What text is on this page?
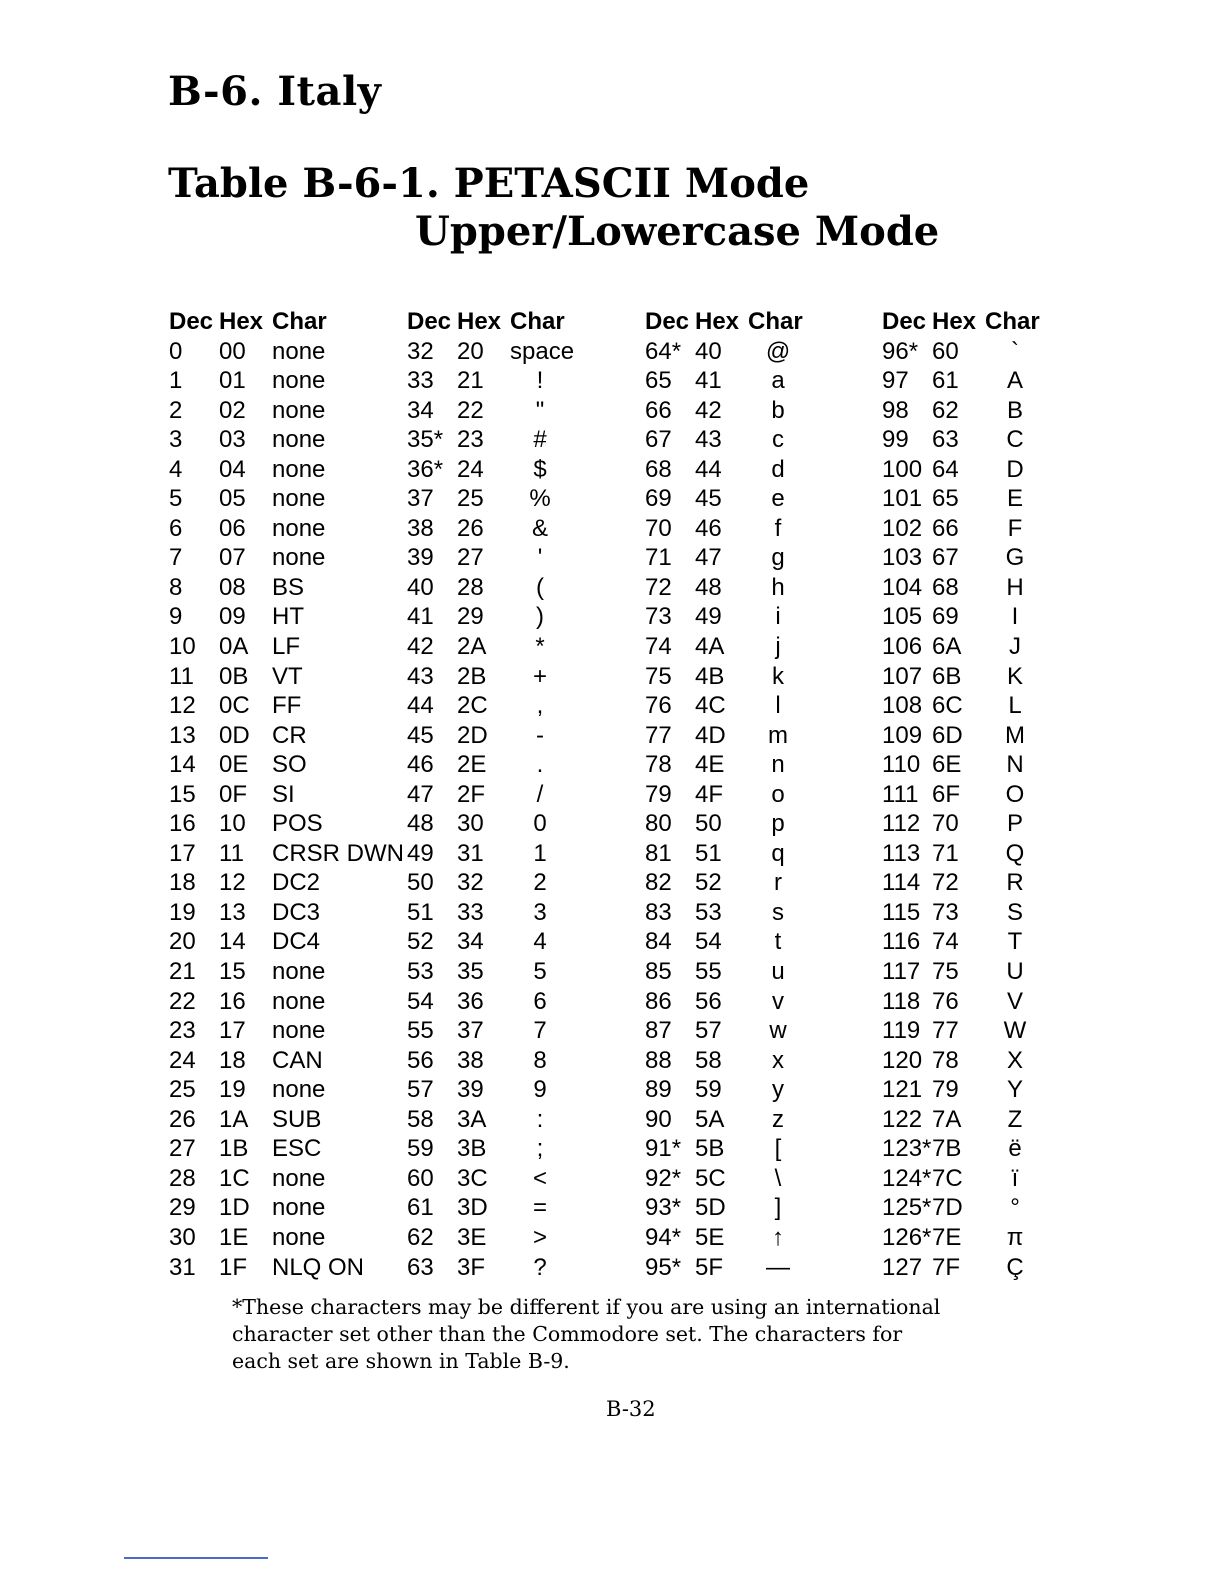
B-6. Italy
Table B-6-1. PETASCII Mode
Upper/Lowercase Mode
Dec Hex Char
0 00 none
1 01 none
2 02 none
3 03 none
4 04 none
5 05 none
6 06 none
7 07 none
8 08 BS
9 09 HT
10 0A LF
11 0B VT
12 0C FF
13 0D CR
14 0E SO
15 0F SI
16 10 POS
17 11 CRSR DWN
18 12 DC2
19 13 DC3
20 14 DC4
21 15 none
22 16 none
23 17 none
24 18 CAN
25 19 none
26 1A SUB
27 1B ESC
28 1C none
29 1D none
30 1E none
31 1F NLQ ON
Dec Hex Char
32 20 space
33 21	!
34 22	"
35* 23	#
36* 24	$
37 25 %
38 26 &
39 27	'
40 28	(
41 29	)
42 2A	*
43 2B	+
44 2C	,
45 2D	-
46 2E	.
47 2F	/
48 30	0
49 31	1
50 32	2
51 33	3
52 34	4
53 35	5
54 36	6
55 37	7
56 38	8
57 39	9
58 3A	:
59 3B	;
60 3C	<
61 3D	=
62 3E	>
63 3F	?
Dec Hex Char
64* 40 @
65 41	a
66 42	b
67 43	c
68 44	d
69 45	e
70 46	f
71 47	g
72 48	h
73 49	i
74 4A	j
75 4B	k
76 4C	l
77 4D m
78 4E	n
79 4F	o
80 50	p
81 51	q
82 52	r
83 53	s
84 54	t
85 55	u
86 56	v
87 57 w
88 58	x
89 59	y
90 5A	z
91* 5B	[
92* 5C	\
93* 5D	]
94* 5E	↑
95* 5F —
Dec Hex Char
96* 60	`
97 61 A
98 62 B
99 63 C
100 64 D
101 65 E
102 66	F
103 67 G
104 68 H
105 69	I
106 6A	J
107 6B K
108 6C	L
109 6D M
110 6E N
111 6F O
112 70 P
113 71 Q
114 72 R
115 73 S
116 74	T
117 75 U
118 76 V
119 77 W
120 78 X
121 79 Y
122 7A	Z
123* 7B	ë
124* 7C	ï
125* 7D	°
126* 7E π
127 7F Ç

*These characters may be different if you are using an international character set other than the Commodore set. The characters for each set are shown in Table B-9.

B-32
